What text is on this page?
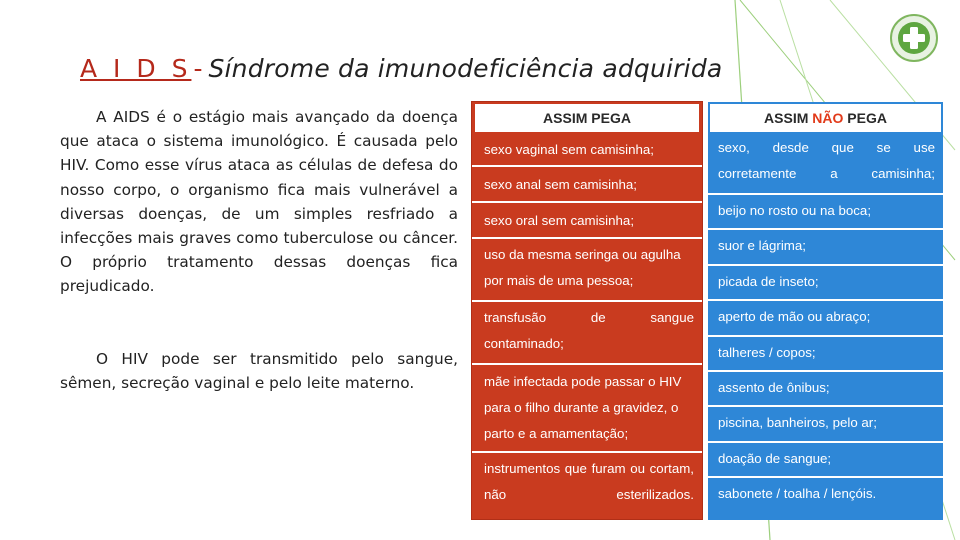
A I D S- Síndrome da imunodeficiência adquirida

A AIDS é o estágio mais avançado da doença que ataca o sistema imunológico. É causada pelo HIV. Como esse vírus ataca as células de defesa do nosso corpo, o organismo fica mais vulnerável a diversas doenças, de um simples resfriado a infecções mais graves como tuberculose ou câncer. O próprio tratamento dessas doenças fica prejudicado.

O HIV pode ser transmitido pelo sangue, sêmen, secreção vaginal e pelo leite materno.

ASSIM PEGA
sexo vaginal sem camisinha;
sexo anal sem camisinha;
sexo oral sem camisinha;
uso da mesma seringa ou agulha por mais de uma pessoa;
transfusão de sangue contaminado;
mãe infectada pode passar o HIV para o filho durante a gravidez, o parto e a amamentação;
instrumentos que furam ou cortam, não esterilizados.
ASSIM NÃO PEGA
sexo, desde que se use corretamente a camisinha;
beijo no rosto ou na boca;
suor e lágrima;
picada de inseto;
aperto de mão ou abraço;
talheres / copos;
assento de ônibus;
piscina, banheiros, pelo ar;
doação de sangue;
sabonete / toalha / lençóis.
